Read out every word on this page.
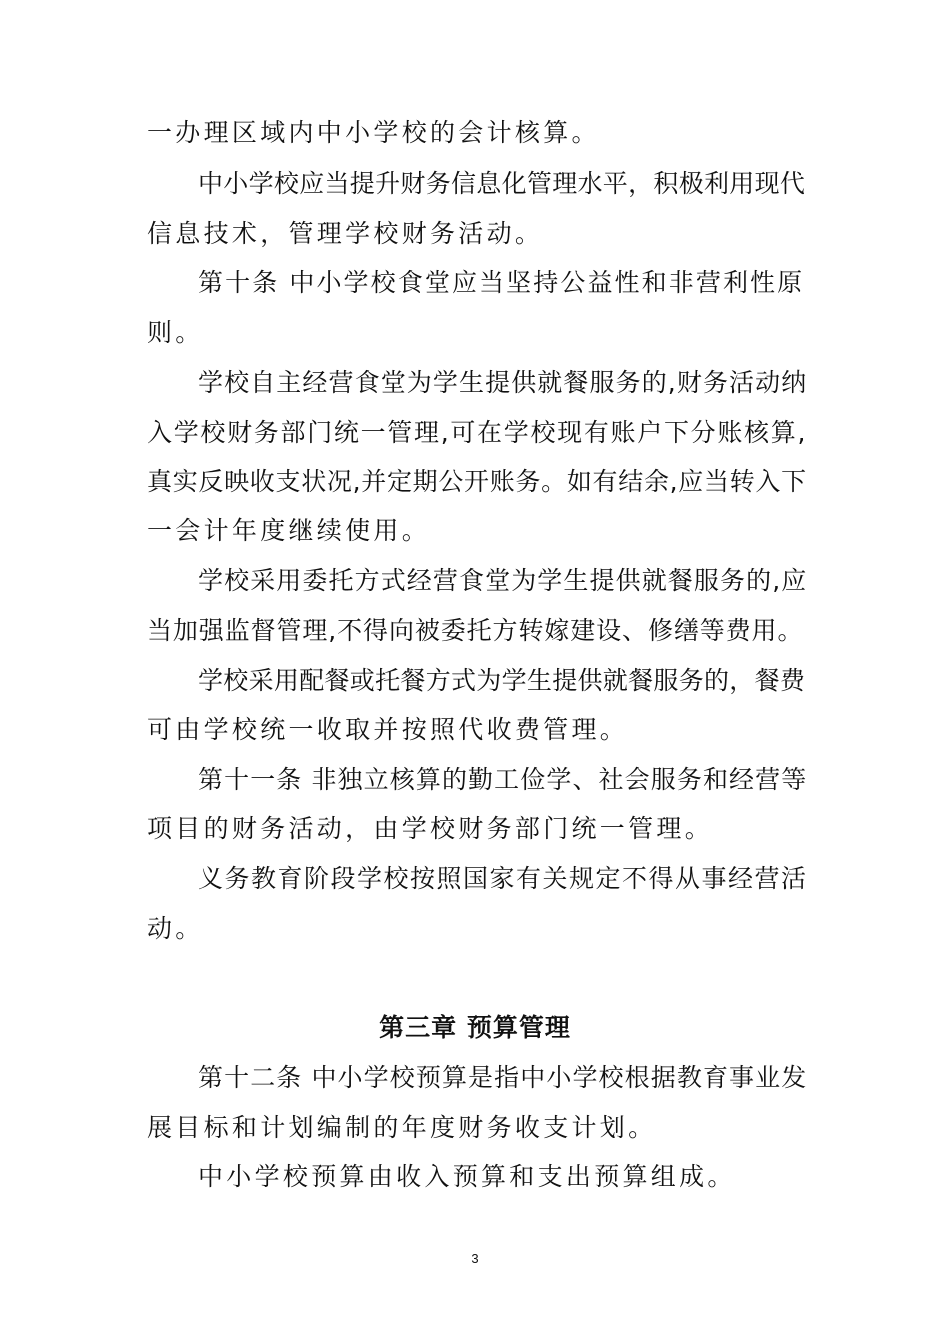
一办理区域内中小学校的会计核算。
中小学校应当提升财务信息化管理水平，积极利用现代
信息技术，管理学校财务活动。
第十条 中小学校食堂应当坚持公益性和非营利性原
则。
学校自主经营食堂为学生提供就餐服务的,财务活动纳
入学校财务部门统一管理,可在学校现有账户下分账核算,
真实反映收支状况,并定期公开账务。如有结余,应当转入下
一会计年度继续使用。
学校采用委托方式经营食堂为学生提供就餐服务的,应
当加强监督管理,不得向被委托方转嫁建设、修缮等费用。
学校采用配餐或托餐方式为学生提供就餐服务的，餐费
可由学校统一收取并按照代收费管理。
第十一条 非独立核算的勤工俭学、社会服务和经营等
项目的财务活动，由学校财务部门统一管理。
义务教育阶段学校按照国家有关规定不得从事经营活
动。
第三章 预算管理
第十二条 中小学校预算是指中小学校根据教育事业发
展目标和计划编制的年度财务收支计划。
中小学校预算由收入预算和支出预算组成。
3
